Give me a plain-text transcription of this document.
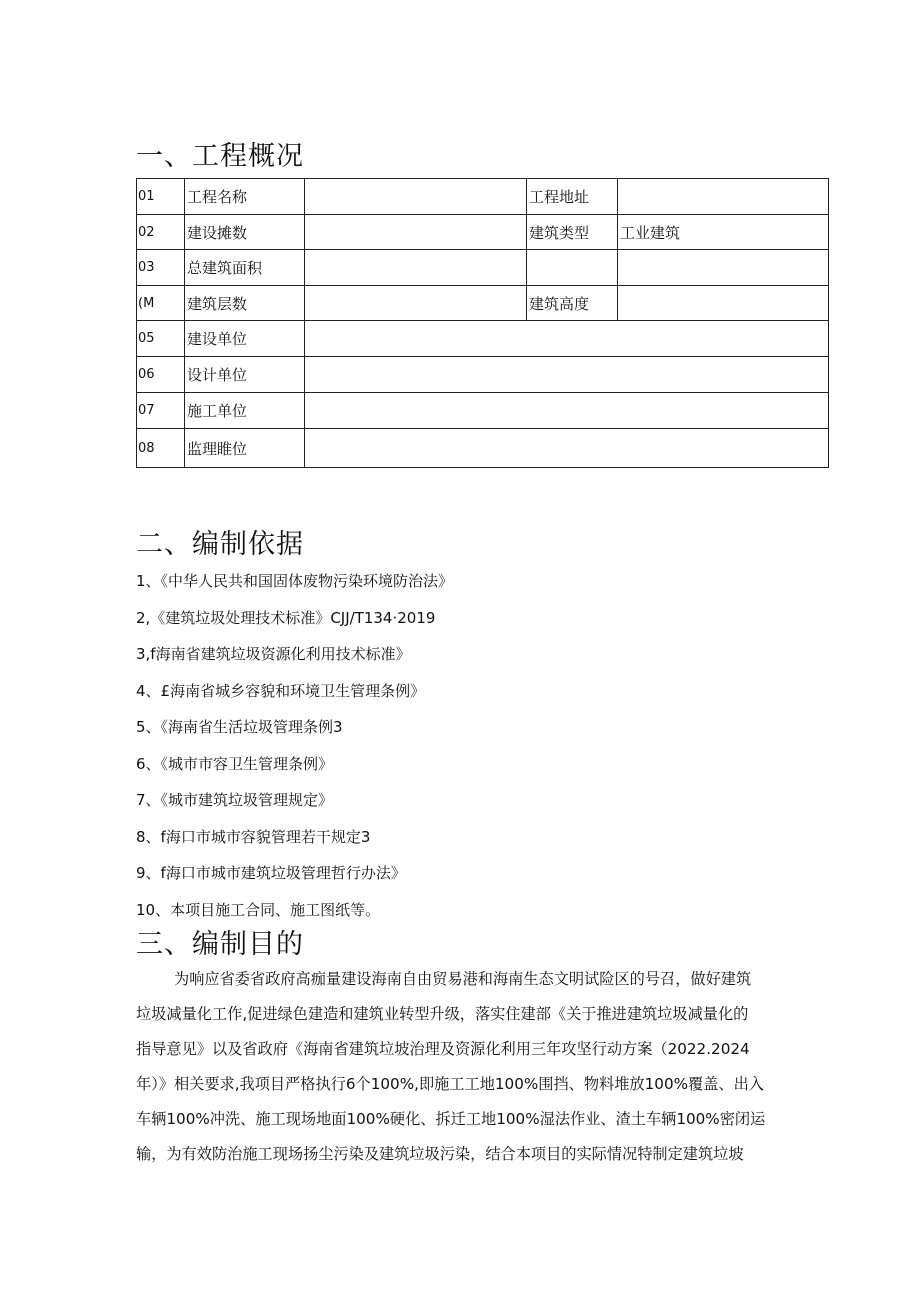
一、工程概况
01	工程名称		工程地址	
02	建设摊数		建筑类型	工业建筑
03	总建筑面积			
(M	建筑层数		建筑高度	
05	建设单位			
06	设计单位			
07	施工单位			
08	监理睢位			
二、编制依据
1、《中华人民共和国固体废物污染环境防治法》
2,《建筑垃圾处理技术标准》CJJ/T134·2019
3,f海南省建筑垃圾资源化利用技术标准》
4、£海南省城乡容貌和环境卫生管理条例》
5、《海南省生活垃圾管理条例3
6、《城市市容卫生管理条例》
7、《城市建筑垃圾管理规定》
8、f海口市城市容貌管理若干规定3
9、f海口市城市建筑垃圾管理哲行办法》
10、本项目施工合同、施工图纸等。
三、编制目的
为响应省委省政府高痂量建设海南自由贸易港和海南生态文明试险区的号召，做好建筑
垃圾减量化工作,促进绿色建造和建筑业转型升级，落实住建部《关于推进建筑垃圾减量化的
指导意见》以及省政府《海南省建筑垃坡治理及资源化利用三年攻坚行动方案（2022.2024
年）》相关要求,我项目严格执行6个100%,即施工工地100%围挡、物料堆放100%覆盖、出入
车辆100%冲洗、施工现场地面100%硬化、拆迁工地100%湿法作业、渣土车辆100%密闭运
输，为有效防治施工现场扬尘污染及建筑垃圾污染，结合本项目的实际情况特制定建筑垃坡
